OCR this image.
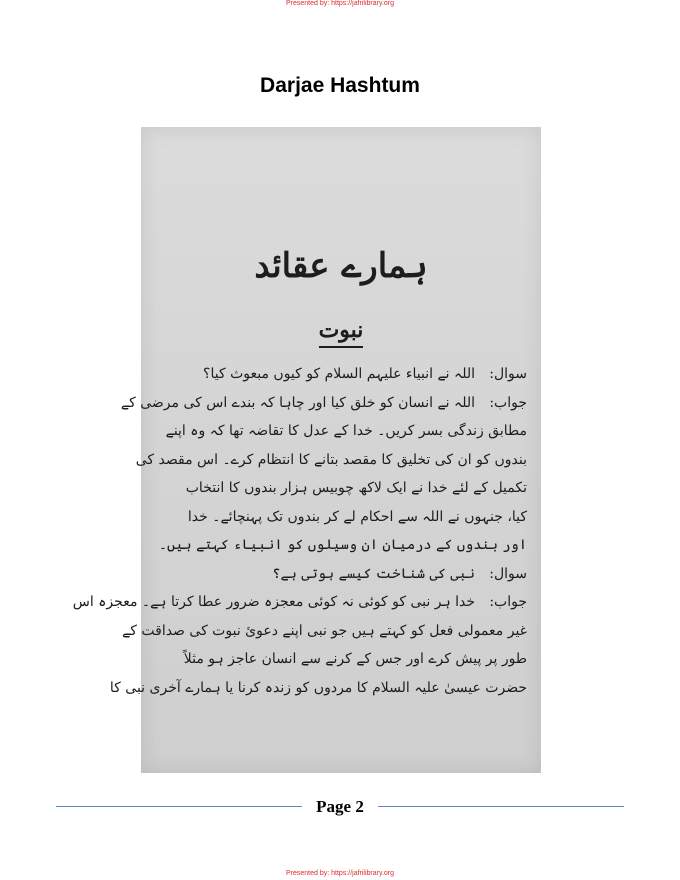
Presented by: https://jafrilibrary.org
Darjae Hashtum
ہمارے عقائد
نبوت
سوال:
اللہ نے انبیاء علیہم السلام کو کیوں مبعوث کیا؟
جواب:
اللہ نے انسان کو خلق کیا اور چاہا کہ بندے اس کی مرضی کے
مطابق زندگی بسر کریں۔ خدا کے عدل کا تقاضہ تھا کہ وہ اپنے
بندوں کو ان کی تخلیق کا مقصد بتانے کا انتظام کرے۔ اس مقصد کی
تکمیل کے لئے خدا نے ایک لاکھ چوبیس ہزار بندوں کا انتخاب
کیا، جنہوں نے اللہ سے احکام لے کر بندوں تک پہنچائے۔ خدا
اور بندوں کے درمیان ان وسیلوں کو انبیاء کہتے ہیں۔
سوال:
نبی کی شناخت کیسے ہوتی ہے؟
جواب:
خدا ہر نبی کو کوئی نہ کوئی معجزہ ضرور عطا کرتا ہے۔ معجزہ اس
غیر معمولی فعل کو کہتے ہیں جو نبی اپنے دعویٔ نبوت کی صداقت کے
طور پر پیش کرے اور جس کے کرنے سے انسان عاجز ہو مثلاً
حضرت عیسیٰ علیہ السلام کا مردوں کو زندہ کرنا یا ہمارے آخری نبی کا
Page 2
Presented by: https://jafrilibrary.org
